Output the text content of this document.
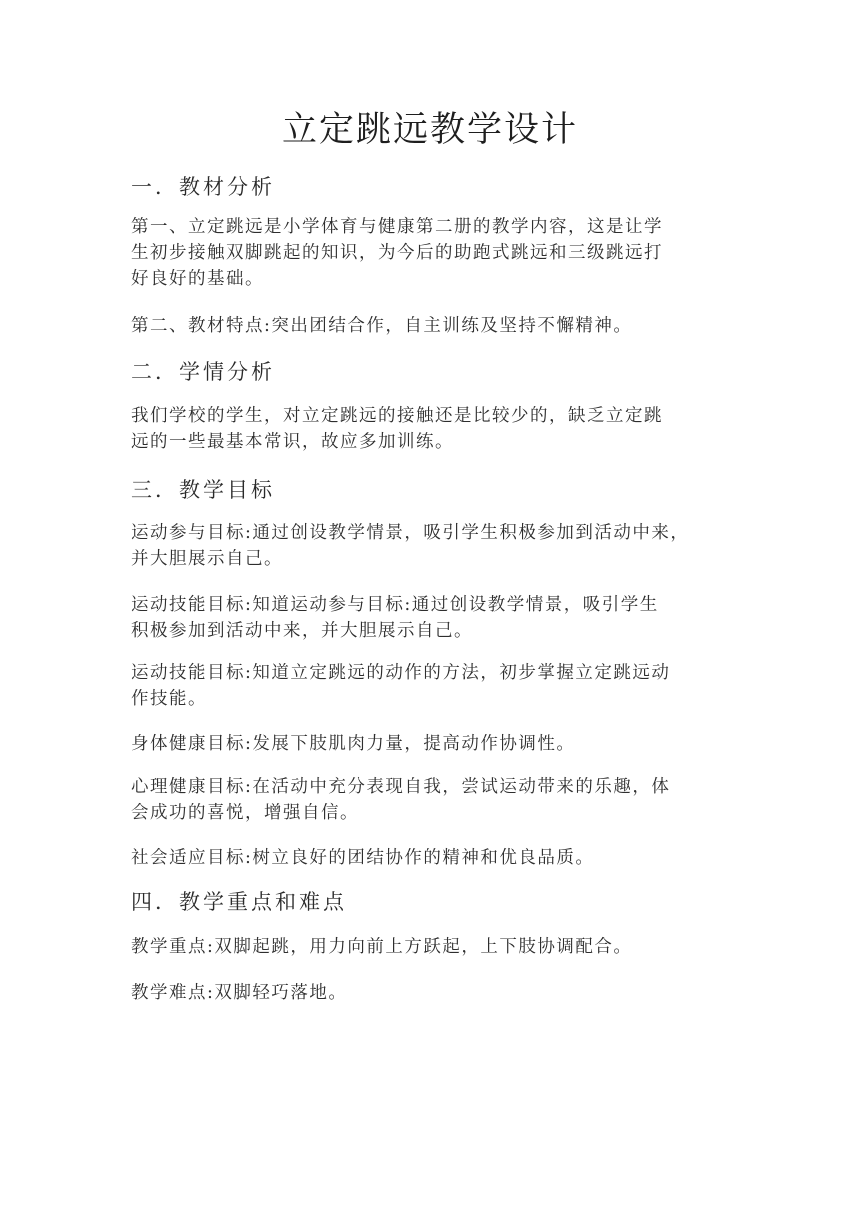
立定跳远教学设计
一．教材分析

第一、立定跳远是小学体育与健康第二册的教学内容，这是让学
生初步接触双脚跳起的知识，为今后的助跑式跳远和三级跳远打
好良好的基础。

第二、教材特点:突出团结合作，自主训练及坚持不懈精神。

二．学情分析

我们学校的学生，对立定跳远的接触还是比较少的，缺乏立定跳
远的一些最基本常识，故应多加训练。

三．教学目标

运动参与目标:通过创设教学情景，吸引学生积极参加到活动中来，
并大胆展示自己。

运动技能目标:知道运动参与目标:通过创设教学情景，吸引学生
积极参加到活动中来，并大胆展示自己。

运动技能目标:知道立定跳远的动作的方法，初步掌握立定跳远动
作技能。

身体健康目标:发展下肢肌肉力量，提高动作协调性。

心理健康目标:在活动中充分表现自我，尝试运动带来的乐趣，体
会成功的喜悦，增强自信。

社会适应目标:树立良好的团结协作的精神和优良品质。

四．教学重点和难点

教学重点:双脚起跳，用力向前上方跃起，上下肢协调配合。

教学难点:双脚轻巧落地。
